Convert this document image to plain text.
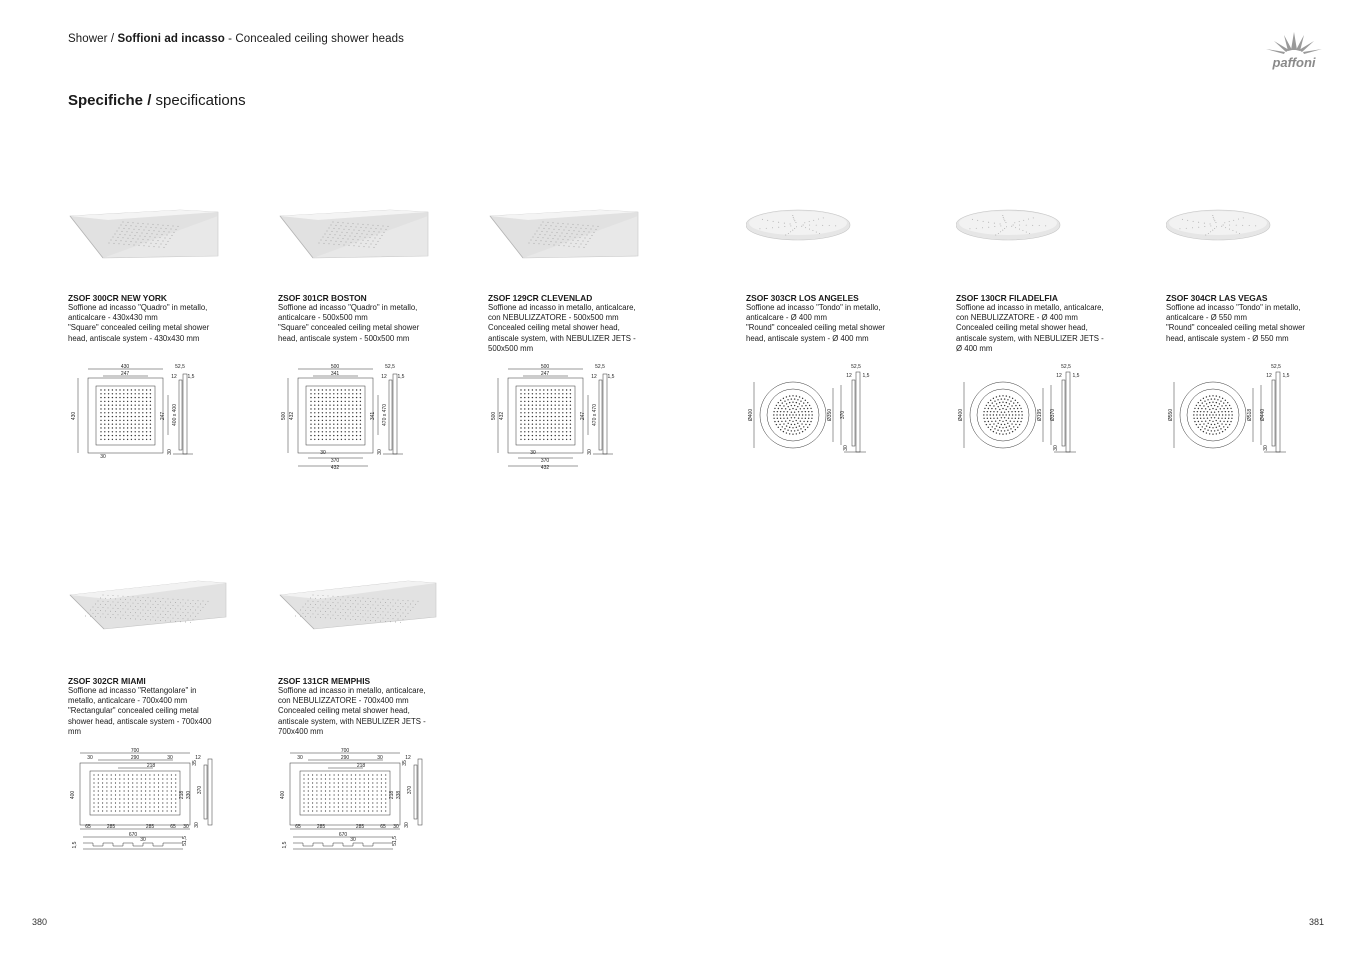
Shower / Soffioni ad incasso - Concealed ceiling shower heads
Specifiche / specifications
paffoni
ZSOF 300CR NEW YORK
Soffione ad incasso "Quadro" in metallo,
anticalcare - 430x430 mm
"Square" concealed ceiling metal shower
head, antiscale system - 430x430 mm
430
247
430	247
30
400 x 400
52,5
12 1,5
30
ZSOF 301CR BOSTON
Soffione ad incasso "Quadro" in metallo,
anticalcare - 500x500 mm
"Square" concealed ceiling metal shower
head, antiscale system - 500x500 mm
500
341
500	341
432
30
370
432
470 x 470
52,5
12 1,5
30
ZSOF 129CR CLEVENLAD
Soffione ad incasso in metallo, anticalcare,
con NEBULIZZATORE - 500x500 mm
Concealed ceiling metal shower head,
antiscale system, with NEBULIZER JETS -
500x500 mm
500
247
500	247
432
30
370
432
470 x 470
52,5
12 1,5
30
ZSOF 303CR LOS ANGELES
Soffione ad incasso "Tondo" in metallo,
anticalcare - Ø 400 mm
"Round" concealed ceiling metal shower
head, antiscale system - Ø 400 mm
Ø400	Ø350 370
52,5
12 1,5
30
ZSOF 130CR FILADELFIA
Soffione ad incasso in metallo, anticalcare,
con NEBULIZZATORE - Ø 400 mm
Concealed ceiling metal shower head,
antiscale system, with NEBULIZER JETS -
Ø 400 mm
Ø400	Ø195 Ø370
52,5
12 1,5
30
ZSOF 304CR LAS VEGAS
Soffione ad incasso "Tondo" in metallo,
anticalcare - Ø 550 mm
"Round" concealed ceiling metal shower
head, antiscale system - Ø 550 mm
Ø550	Ø518 Ø440
52,5
12 1,5
30
ZSOF 302CR MIAMI
Soffione ad incasso "Rettangolare" in
metallo, anticalcare - 700x400 mm
"Rectangular" concealed ceiling metal
shower head, antiscale system - 700x400
mm
700
290
218
30	30
35
400	218 330
65	285	285	65 30
670
30
1,5	51,5
12
370
30
ZSOF 131CR MEMPHIS
Soffione ad incasso in metallo, anticalcare,
con NEBULIZZATORE - 700x400 mm
Concealed ceiling metal shower head,
antiscale system, with NEBULIZER JETS -
700x400 mm
700
290
218
30	30
35
400	218 338
65	285	285	65 30
670
30
1,5	51,5
12
370
30
380	381
